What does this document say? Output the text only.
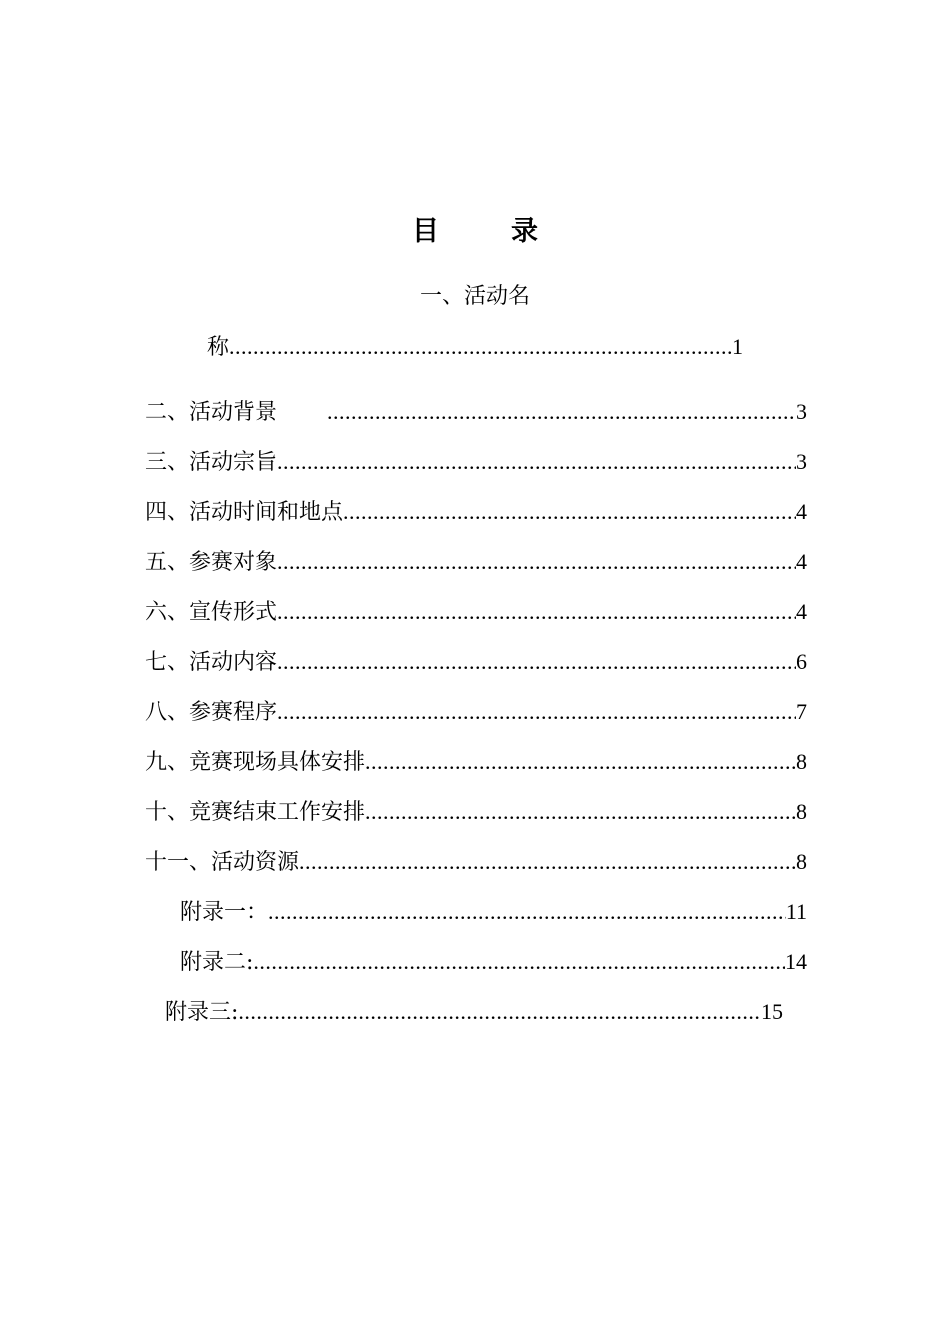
目	录
一、活动名
称 .....	1
二、活动背景　 .....	3
三、活动宗旨 .....	3
四、活动时间和地点 .....	4
五、参赛对象 .....	4
六、宣传形式 .....	4
七、活动内容 .....	6
八、参赛程序 .....	7
九、竞赛现场具体安排 .....	8
十、竞赛结束工作安排 .....	8
十一、活动资源 .....	8
附录一： .....	11
附录二: .....	14
附录三: .....	15
